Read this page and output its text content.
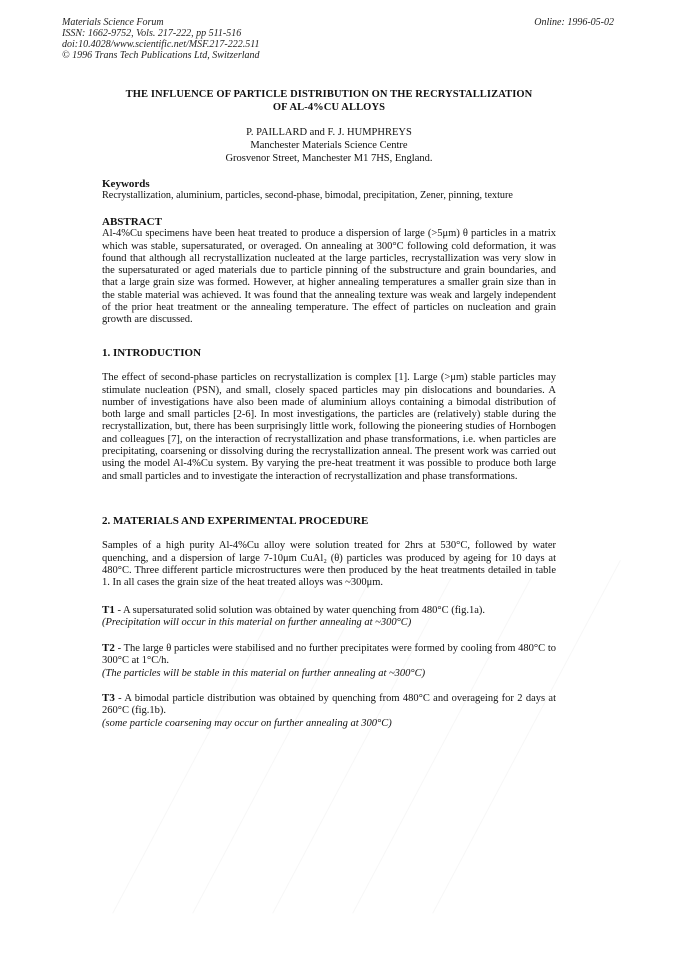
Materials Science Forum
ISSN: 1662-9752, Vols. 217-222, pp 511-516
doi:10.4028/www.scientific.net/MSF.217-222.511
© 1996 Trans Tech Publications Ltd, Switzerland
Online: 1996-05-02
THE INFLUENCE OF PARTICLE DISTRIBUTION ON THE RECRYSTALLIZATION
OF AL-4%CU ALLOYS
P. PAILLARD and F. J. HUMPHREYS
Manchester Materials Science Centre
Grosvenor Street, Manchester M1 7HS, England.
Keywords
Recrystallization, aluminium, particles, second-phase, bimodal, precipitation, Zener, pinning, texture
ABSTRACT
Al-4%Cu specimens have been heat treated to produce a dispersion of large (>5μm) θ particles in a matrix which was stable, supersaturated, or overaged. On annealing at 300°C following cold deformation, it was found that although all recrystallization nucleated at the large particles, recrystallization was very slow in the supersaturated or aged materials due to particle pinning of the substructure and grain boundaries, and that a large grain size was formed. However, at higher annealing temperatures a smaller grain size than in the stable material was achieved. It was found that the annealing texture was weak and largely independent of the prior heat treatment or the annealing temperature. The effect of particles on nucleation and grain growth are discussed.
1. INTRODUCTION
The effect of second-phase particles on recrystallization is complex [1]. Large (>μm) stable particles may stimulate nucleation (PSN), and small, closely spaced particles may pin dislocations and boundaries. A number of investigations have also been made of aluminium alloys containing a bimodal distribution of both large and small particles [2-6]. In most investigations, the particles are (relatively) stable during the recrystallization, but, there has been surprisingly little work, following the pioneering studies of Hornbogen and colleagues [7], on the interaction of recrystallization and phase transformations, i.e. when particles are precipitating, coarsening or dissolving during the recrystallization anneal. The present work was carried out using the model Al-4%Cu system. By varying the pre-heat treatment it was possible to produce both large and small particles and to investigate the interaction of recrystallization and phase transformations.
2. MATERIALS AND EXPERIMENTAL PROCEDURE
Samples of a high purity Al-4%Cu alloy were solution treated for 2hrs at 530°C, followed by water quenching, and a dispersion of large 7-10μm CuAl₂ (θ) particles was produced by ageing for 10 days at 480°C. Three different particle microstructures were then produced by the heat treatments detailed in table 1. In all cases the grain size of the heat treated alloys was ~300μm.
T1 - A supersaturated solid solution was obtained by water quenching from 480°C (fig.1a).
(Precipitation will occur in this material on further annealing at ~300°C)
T2 - The large θ particles were stabilised and no further precipitates were formed by cooling from 480°C to 300°C at 1°C/h.
(The particles will be stable in this material on further annealing at ~300°C)
T3 - A bimodal particle distribution was obtained by quenching from 480°C and overageing for 2 days at 260°C (fig.1b).
(some particle coarsening may occur on further annealing at 300°C)
